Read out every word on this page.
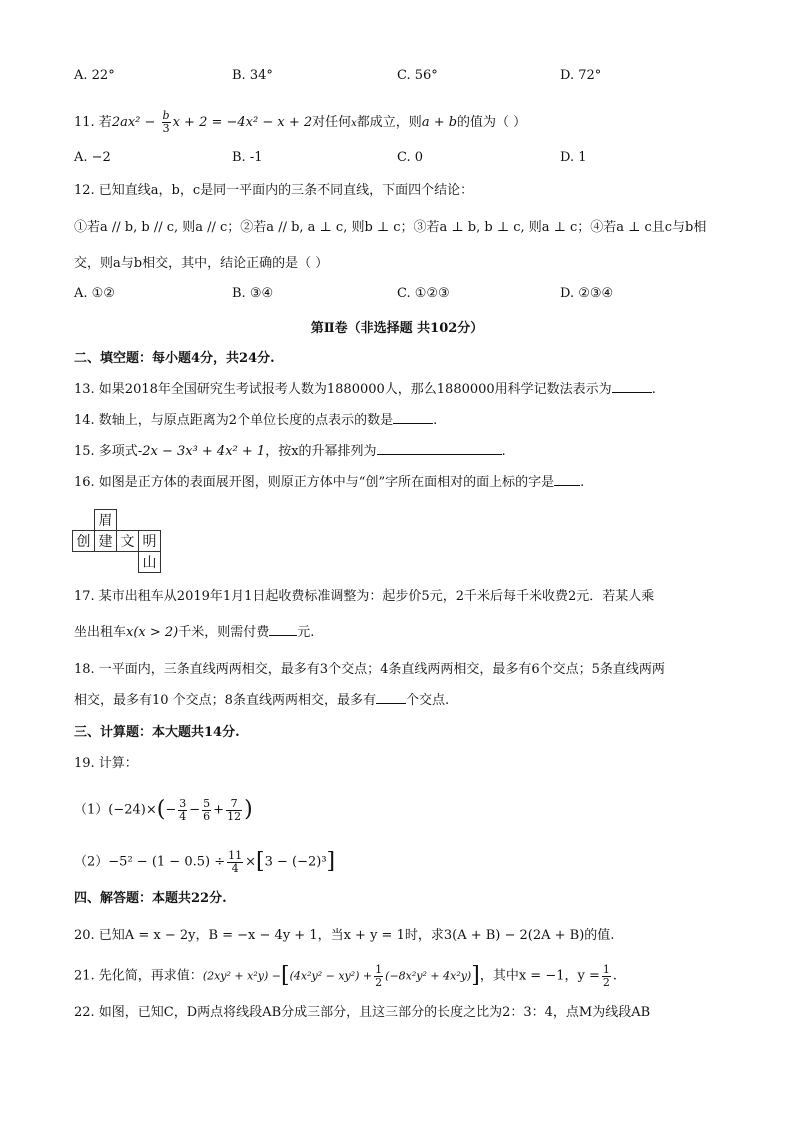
A. 22°	B. 34°	C. 56°	D. 72°
11. 若$2ax^2 - \frac{b}{3}$ x + 2 = −4x² − x + 2对任何x都成立，则a + b的值为（ ）
A. −2	B. -1	C. 0	D. 1
12. 已知直线a，b，c是同一平面内的三条不同直线，下面四个结论：
①若a // b, b // c, 则a // c；②若a // b, a ⊥ c, 则b ⊥ c；③若a ⊥ b, b ⊥ c, 则a ⊥ c；④若a ⊥ c且c与b相
交，则a与b相交，其中，结论正确的是（ ）
A. ①②	B. ③④	C. ①②③	D. ②③④
第Ⅱ卷（非选择题 共102分）
二、填空题：每小题4分，共24分.
13. 如果2018年全国研究生考试报考人数为1880000人，那么1880000用科学记数法表示为	.
14. 数轴上，与原点距离为2个单位长度的点表示的数是	.
15. 多项式-2x − 3x³ + 4x² + 1，按x的升幂排列为	.
16. 如图是正方体的表面展开图，则原正方体中与“创”字所在面相对的面上标的字是 .
	眉		
创	建	文	明
			山
17. 某市出租车从2019年1月1日起收费标准调整为：起步价5元，2千米后每千米收费2元．若某人乘
坐出租车x(x > 2)千米，则需付费 元.
18. 一平面内，三条直线两两相交，最多有3个交点；4条直线两两相交，最多有6个交点；5条直线两两
相交，最多有10 个交点；8条直线两两相交，最多有 个交点.
三、计算题：本大题共14分.
19. 计算：
$(1)(-24)\times(- \frac{3}{4} - \frac{5}{6} + \frac{7}{12}$ )
$(2)-5^2 - (1 - 0.5) \div \frac{11}{4} \times[3 - (-2)^3]$
四、解答题：本题共22分.
20. 已知A = x − 2y，B = −x − 4y + 1，当x + y = 1时，求3(A + B) − 2(2A + B)的值.
21. 先化简，再求值：$(2xy^2 + x^2y) -[(4x^2y^2 - xy^2) + \frac{1}{2} (-8x^2y^2 + 4x^2y)]$，其中x = −1，$y = \frac{1}{2}$ .
22. 如图，已知C，D两点将线段AB分成三部分，且这三部分的长度之比为2：3：4，点M为线段AB
